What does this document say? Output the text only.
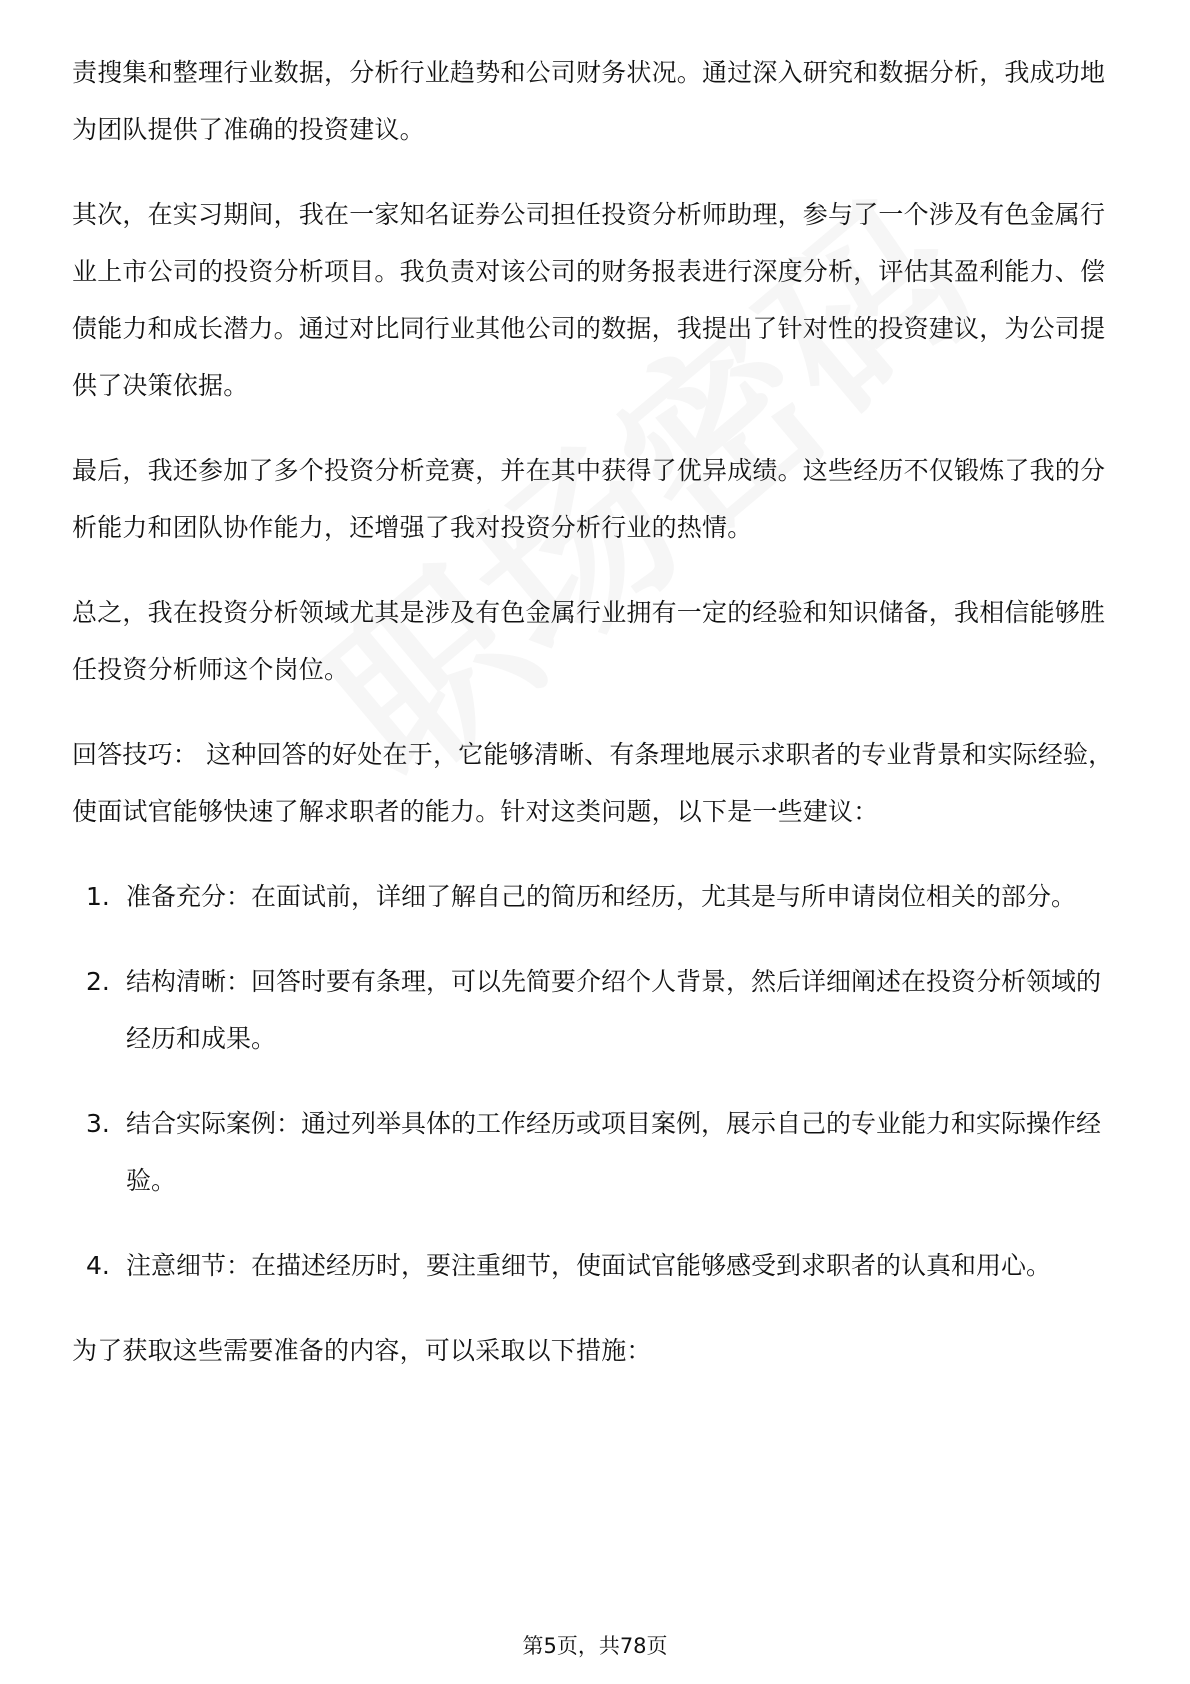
责搜集和整理行业数据，分析行业趋势和公司财务状况。通过深入研究和数据分析，我成功地为团队提供了准确的投资建议。

其次，在实习期间，我在一家知名证券公司担任投资分析师助理，参与了一个涉及有色金属行业上市公司的投资分析项目。我负责对该公司的财务报表进行深度分析，评估其盈利能力、偿债能力和成长潜力。通过对比同行业其他公司的数据，我提出了针对性的投资建议，为公司提供了决策依据。

最后，我还参加了多个投资分析竞赛，并在其中获得了优异成绩。这些经历不仅锻炼了我的分析能力和团队协作能力，还增强了我对投资分析行业的热情。

总之，我在投资分析领域尤其是涉及有色金属行业拥有一定的经验和知识储备，我相信能够胜任投资分析师这个岗位。

回答技巧： 这种回答的好处在于，它能够清晰、有条理地展示求职者的专业背景和实际经验，使面试官能够快速了解求职者的能力。针对这类问题，以下是一些建议：

1. 准备充分：在面试前，详细了解自己的简历和经历，尤其是与所申请岗位相关的部分。
2. 结构清晰：回答时要有条理，可以先简要介绍个人背景，然后详细阐述在投资分析领域的经历和成果。
3. 结合实际案例：通过列举具体的工作经历或项目案例，展示自己的专业能力和实际操作经验。
4. 注意细节：在描述经历时，要注重细节，使面试官能够感受到求职者的认真和用心。

为了获取这些需要准备的内容，可以采取以下措施：

第5页，共78页
